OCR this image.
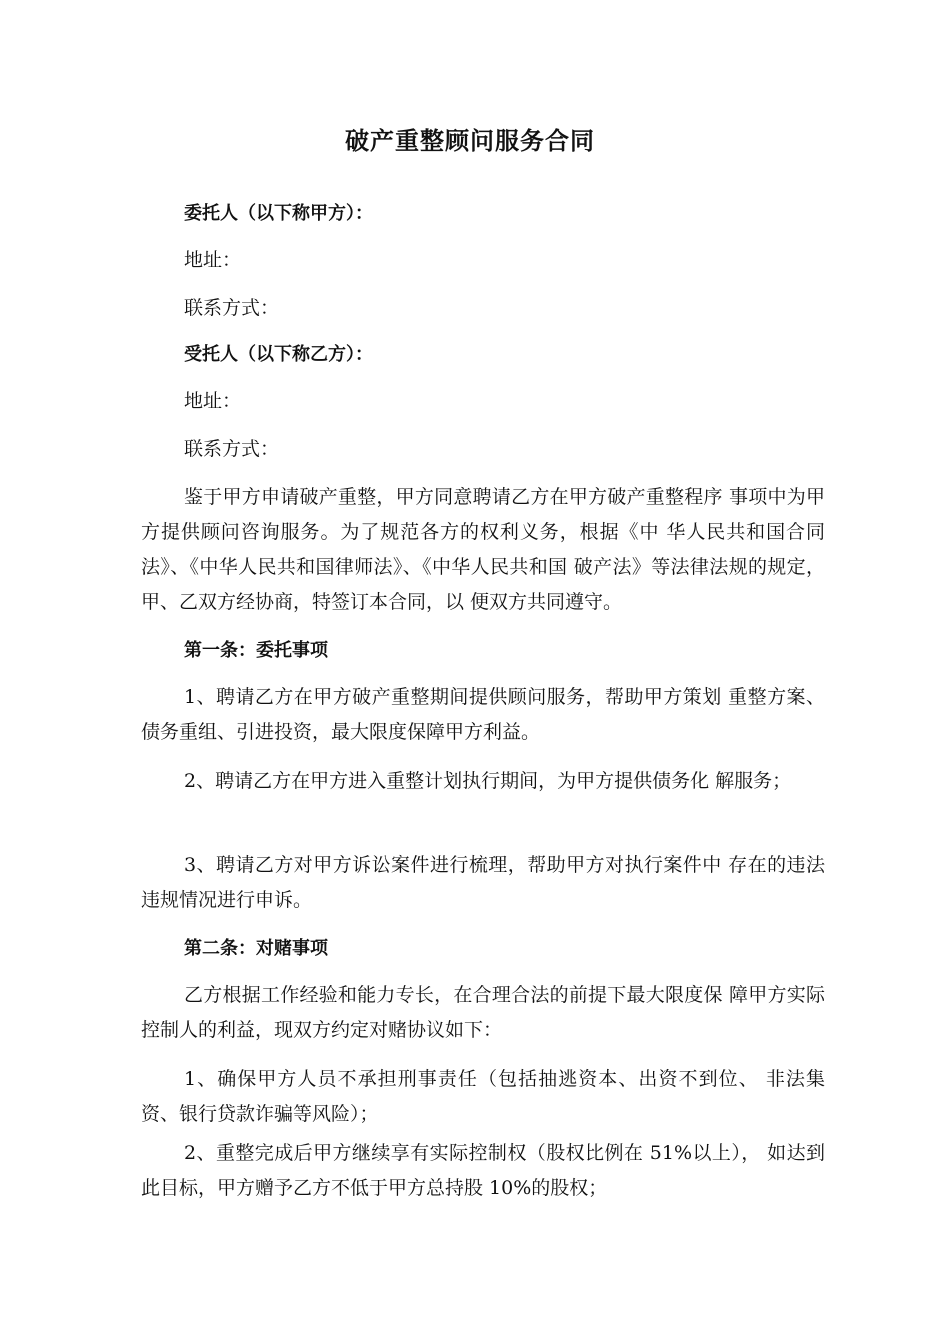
破产重整顾问服务合同
委托人（以下称甲方）：
地址：
联系方式：
受托人（以下称乙方）：
地址：
联系方式：
鉴于甲方申请破产重整，甲方同意聘请乙方在甲方破产重整程序 事项中为甲方提供顾问咨询服务。为了规范各方的权利义务，根据《中 华人民共和国合同法》、《中华人民共和国律师法》、《中华人民共和国 破产法》等法律法规的规定，甲、乙双方经协商，特签订本合同，以 便双方共同遵守。
第一条：委托事项
1、聘请乙方在甲方破产重整期间提供顾问服务，帮助甲方策划 重整方案、债务重组、引进投资，最大限度保障甲方利益。
2、聘请乙方在甲方进入重整计划执行期间，为甲方提供债务化 解服务；
3、聘请乙方对甲方诉讼案件进行梳理，帮助甲方对执行案件中 存在的违法违规情况进行申诉。
第二条：对赌事项
乙方根据工作经验和能力专长，在合理合法的前提下最大限度保 障甲方实际控制人的利益，现双方约定对赌协议如下：
1、确保甲方人员不承担刑事责任（包括抽逃资本、出资不到位、 非法集资、银行贷款诈骗等风险）；
2、重整完成后甲方继续享有实际控制权（股权比例在 51%以上）， 如达到此目标，甲方赠予乙方不低于甲方总持股 10%的股权；
